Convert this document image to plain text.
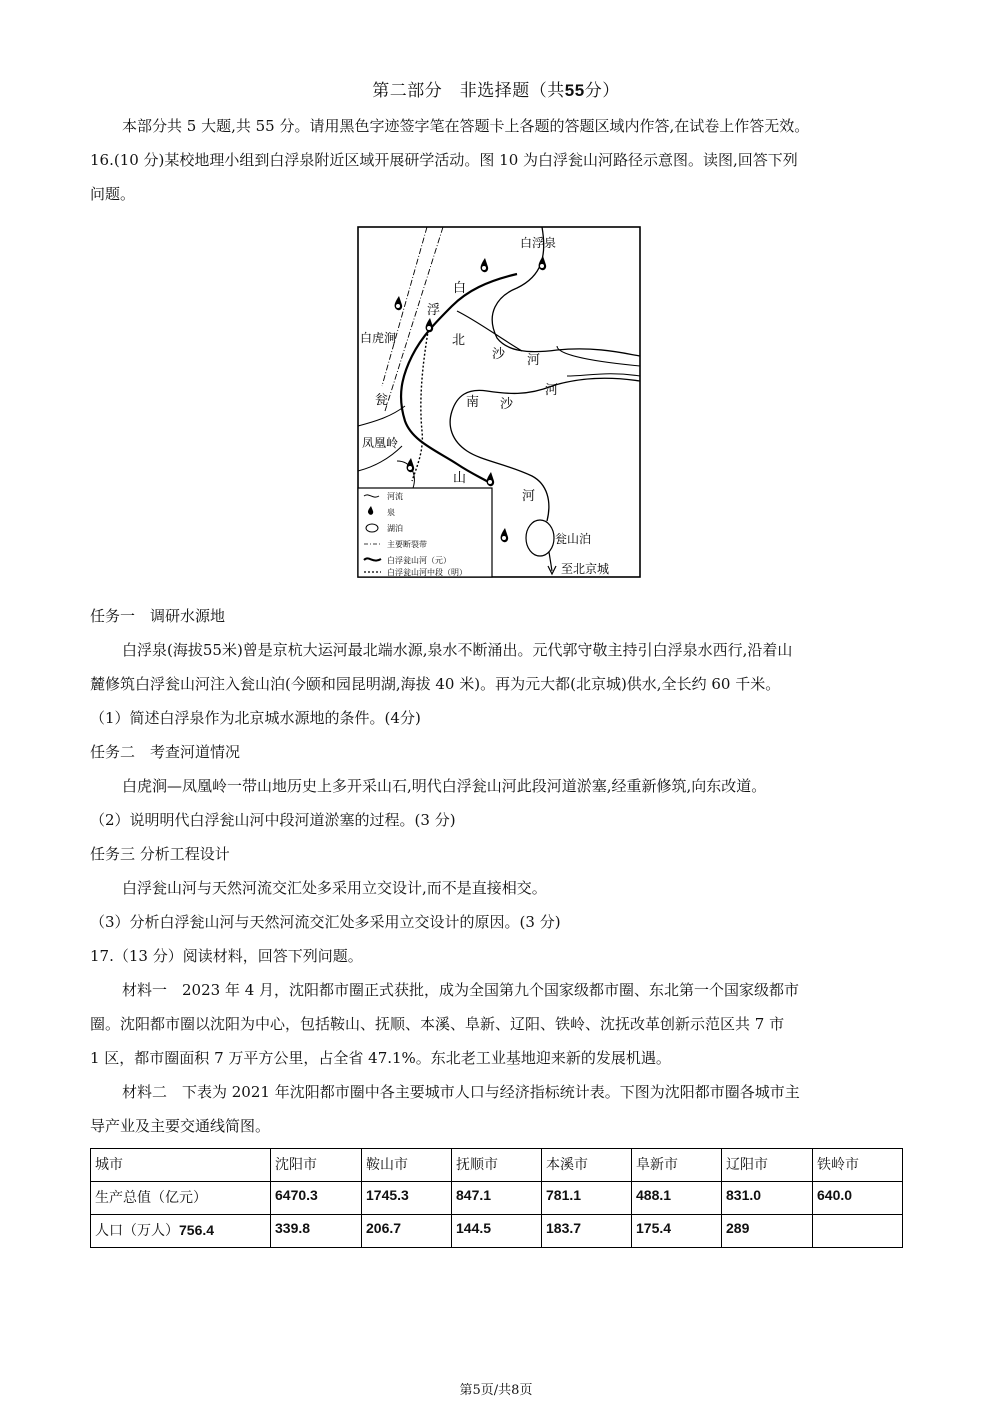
第二部分　非选择题（共55分）
本部分共 5 大题,共 55 分。请用黑色字迹签字笔在答题卡上各题的答题区域内作答,在试卷上作答无效。
16.(10 分)某校地理小组到白浮泉附近区域开展研学活动。图 10 为白浮瓮山河路径示意图。读图,回答下列
问题。
白浮泉
白
浮
北
沙 河
白虎涧
瓮	南 沙
河
凤凰岭
山
河
瓮山泊
至北京城
河流
泉
湖泊
主要断裂带
白浮瓮山河（元）
白浮瓮山河中段（明）
任务一　调研水源地
白浮泉(海拔55米)曾是京杭大运河最北端水源,泉水不断涌出。元代郭守敬主持引白浮泉水西行,沿着山
麓修筑白浮瓮山河注入瓮山泊(今颐和园昆明湖,海拔 40 米)。再为元大都(北京城)供水,全长约 60 千米。
（1）简述白浮泉作为北京城水源地的条件。(4分)
任务二　考查河道情况
白虎涧—凤凰岭一带山地历史上多开采山石,明代白浮瓮山河此段河道淤塞,经重新修筑,向东改道。
（2）说明明代白浮瓮山河中段河道淤塞的过程。(3 分)
任务三 分析工程设计
白浮瓮山河与天然河流交汇处多采用立交设计,而不是直接相交。
（3）分析白浮瓮山河与天然河流交汇处多采用立交设计的原因。(3 分)
17.（13 分）阅读材料，回答下列问题。
材料一　2023 年 4 月，沈阳都市圈正式获批，成为全国第九个国家级都市圈、东北第一个国家级都市
圈。沈阳都市圈以沈阳为中心，包括鞍山、抚顺、本溪、阜新、辽阳、铁岭、沈抚改革创新示范区共 7 市
1 区，都市圈面积 7 万平方公里，占全省 47.1%。东北老工业基地迎来新的发展机遇。
材料二　下表为 2021 年沈阳都市圈中各主要城市人口与经济指标统计表。下图为沈阳都市圈各城市主
导产业及主要交通线简图。
城市	沈阳市	鞍山市	抚顺市	本溪市	阜新市	辽阳市	铁岭市
生产总值（亿元）	6470.3	1745.3	847.1	781.1	488.1	831.0	640.0
人口（万人）756.4	339.8	206.7	144.5	183.7	175.4	289	
第5页/共8页
